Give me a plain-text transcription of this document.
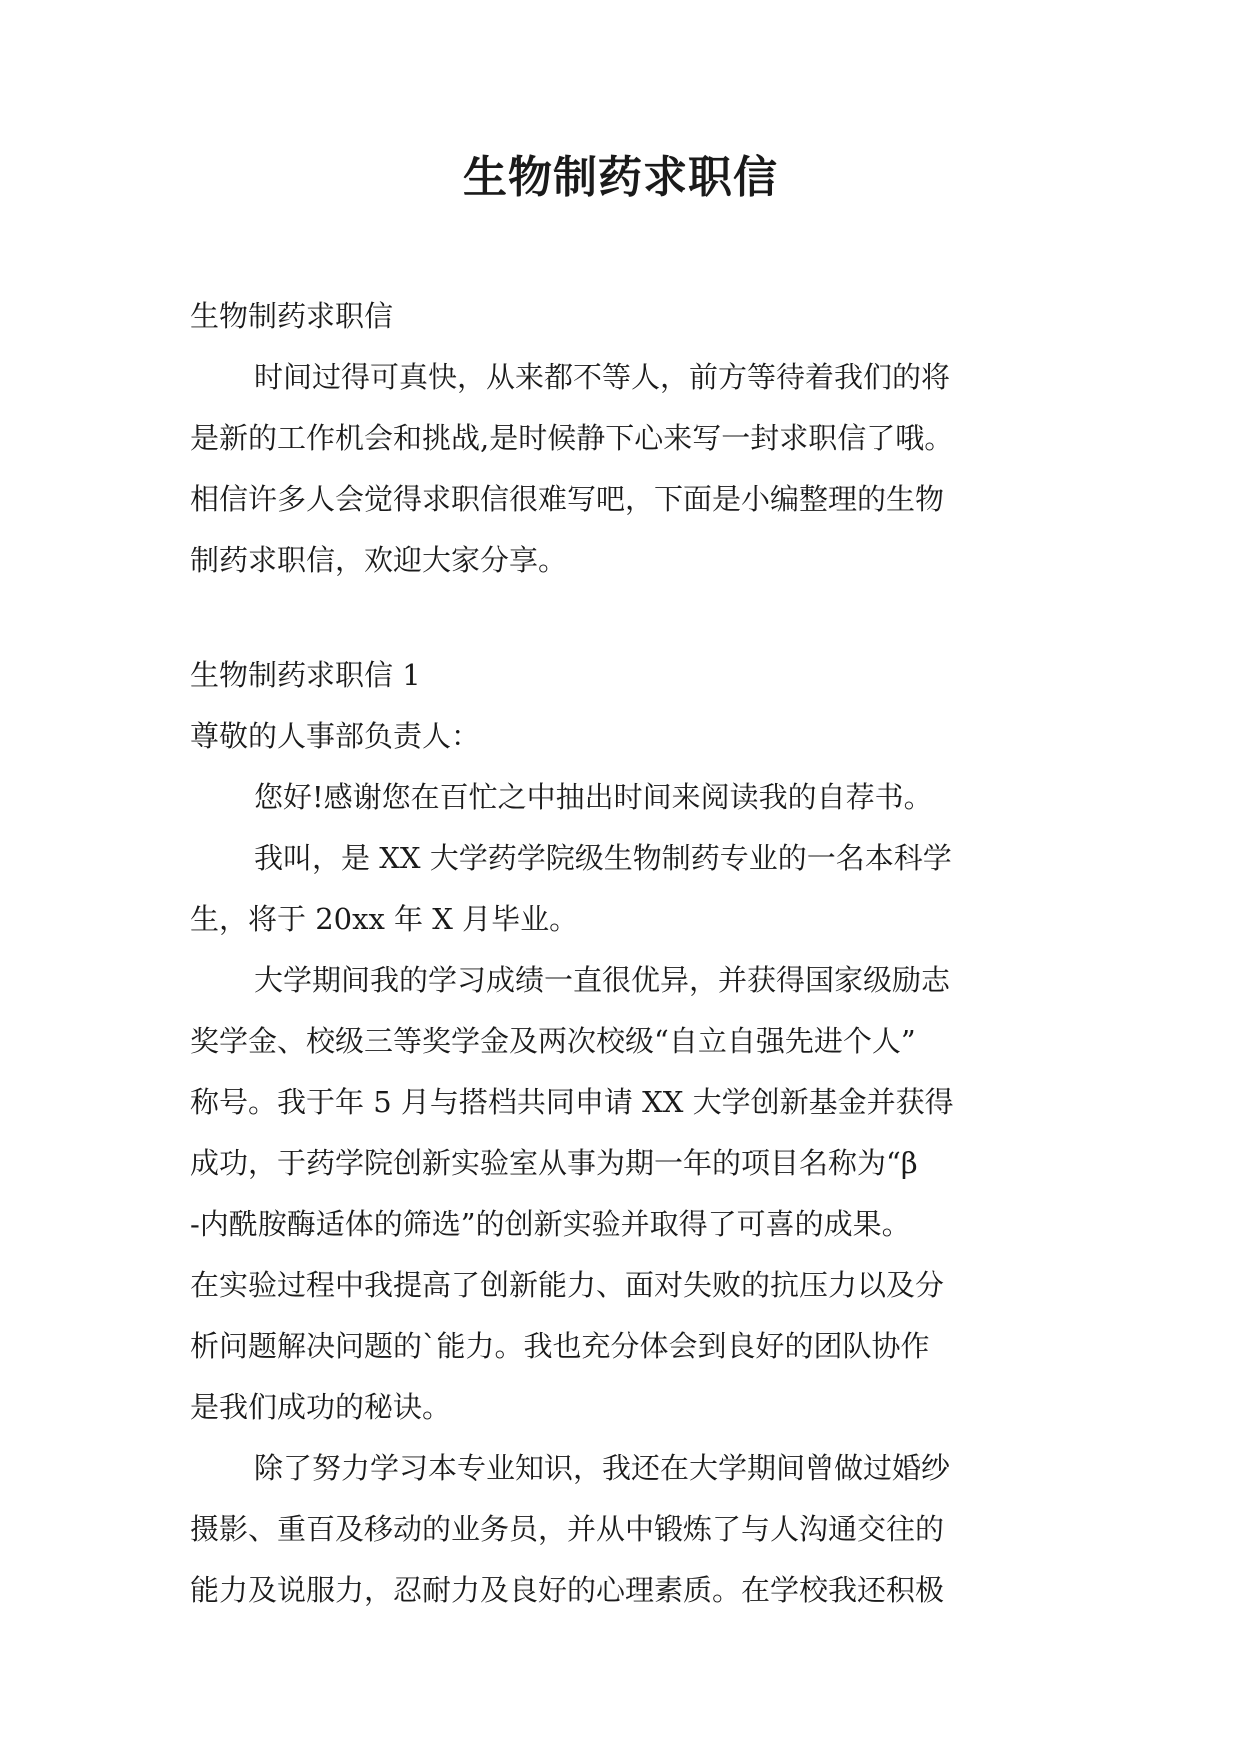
生物制药求职信
生物制药求职信
时间过得可真快，从来都不等人，前方等待着我们的将
是新的工作机会和挑战,是时候静下心来写一封求职信了哦。
相信许多人会觉得求职信很难写吧，下面是小编整理的生物
制药求职信，欢迎大家分享。
生物制药求职信 1
尊敬的人事部负责人：
您好!感谢您在百忙之中抽出时间来阅读我的自荐书。
我叫，是 XX 大学药学院级生物制药专业的一名本科学
生，将于 20xx 年 X 月毕业。
大学期间我的学习成绩一直很优异，并获得国家级励志
奖学金、校级三等奖学金及两次校级“自立自强先进个人”
称号。我于年 5 月与搭档共同申请 XX 大学创新基金并获得
成功，于药学院创新实验室从事为期一年的项目名称为“β
-内酰胺酶适体的筛选”的创新实验并取得了可喜的成果。
在实验过程中我提高了创新能力、面对失败的抗压力以及分
析问题解决问题的`能力。我也充分体会到良好的团队协作
是我们成功的秘诀。
除了努力学习本专业知识，我还在大学期间曾做过婚纱
摄影、重百及移动的业务员，并从中锻炼了与人沟通交往的
能力及说服力，忍耐力及良好的心理素质。在学校我还积极
